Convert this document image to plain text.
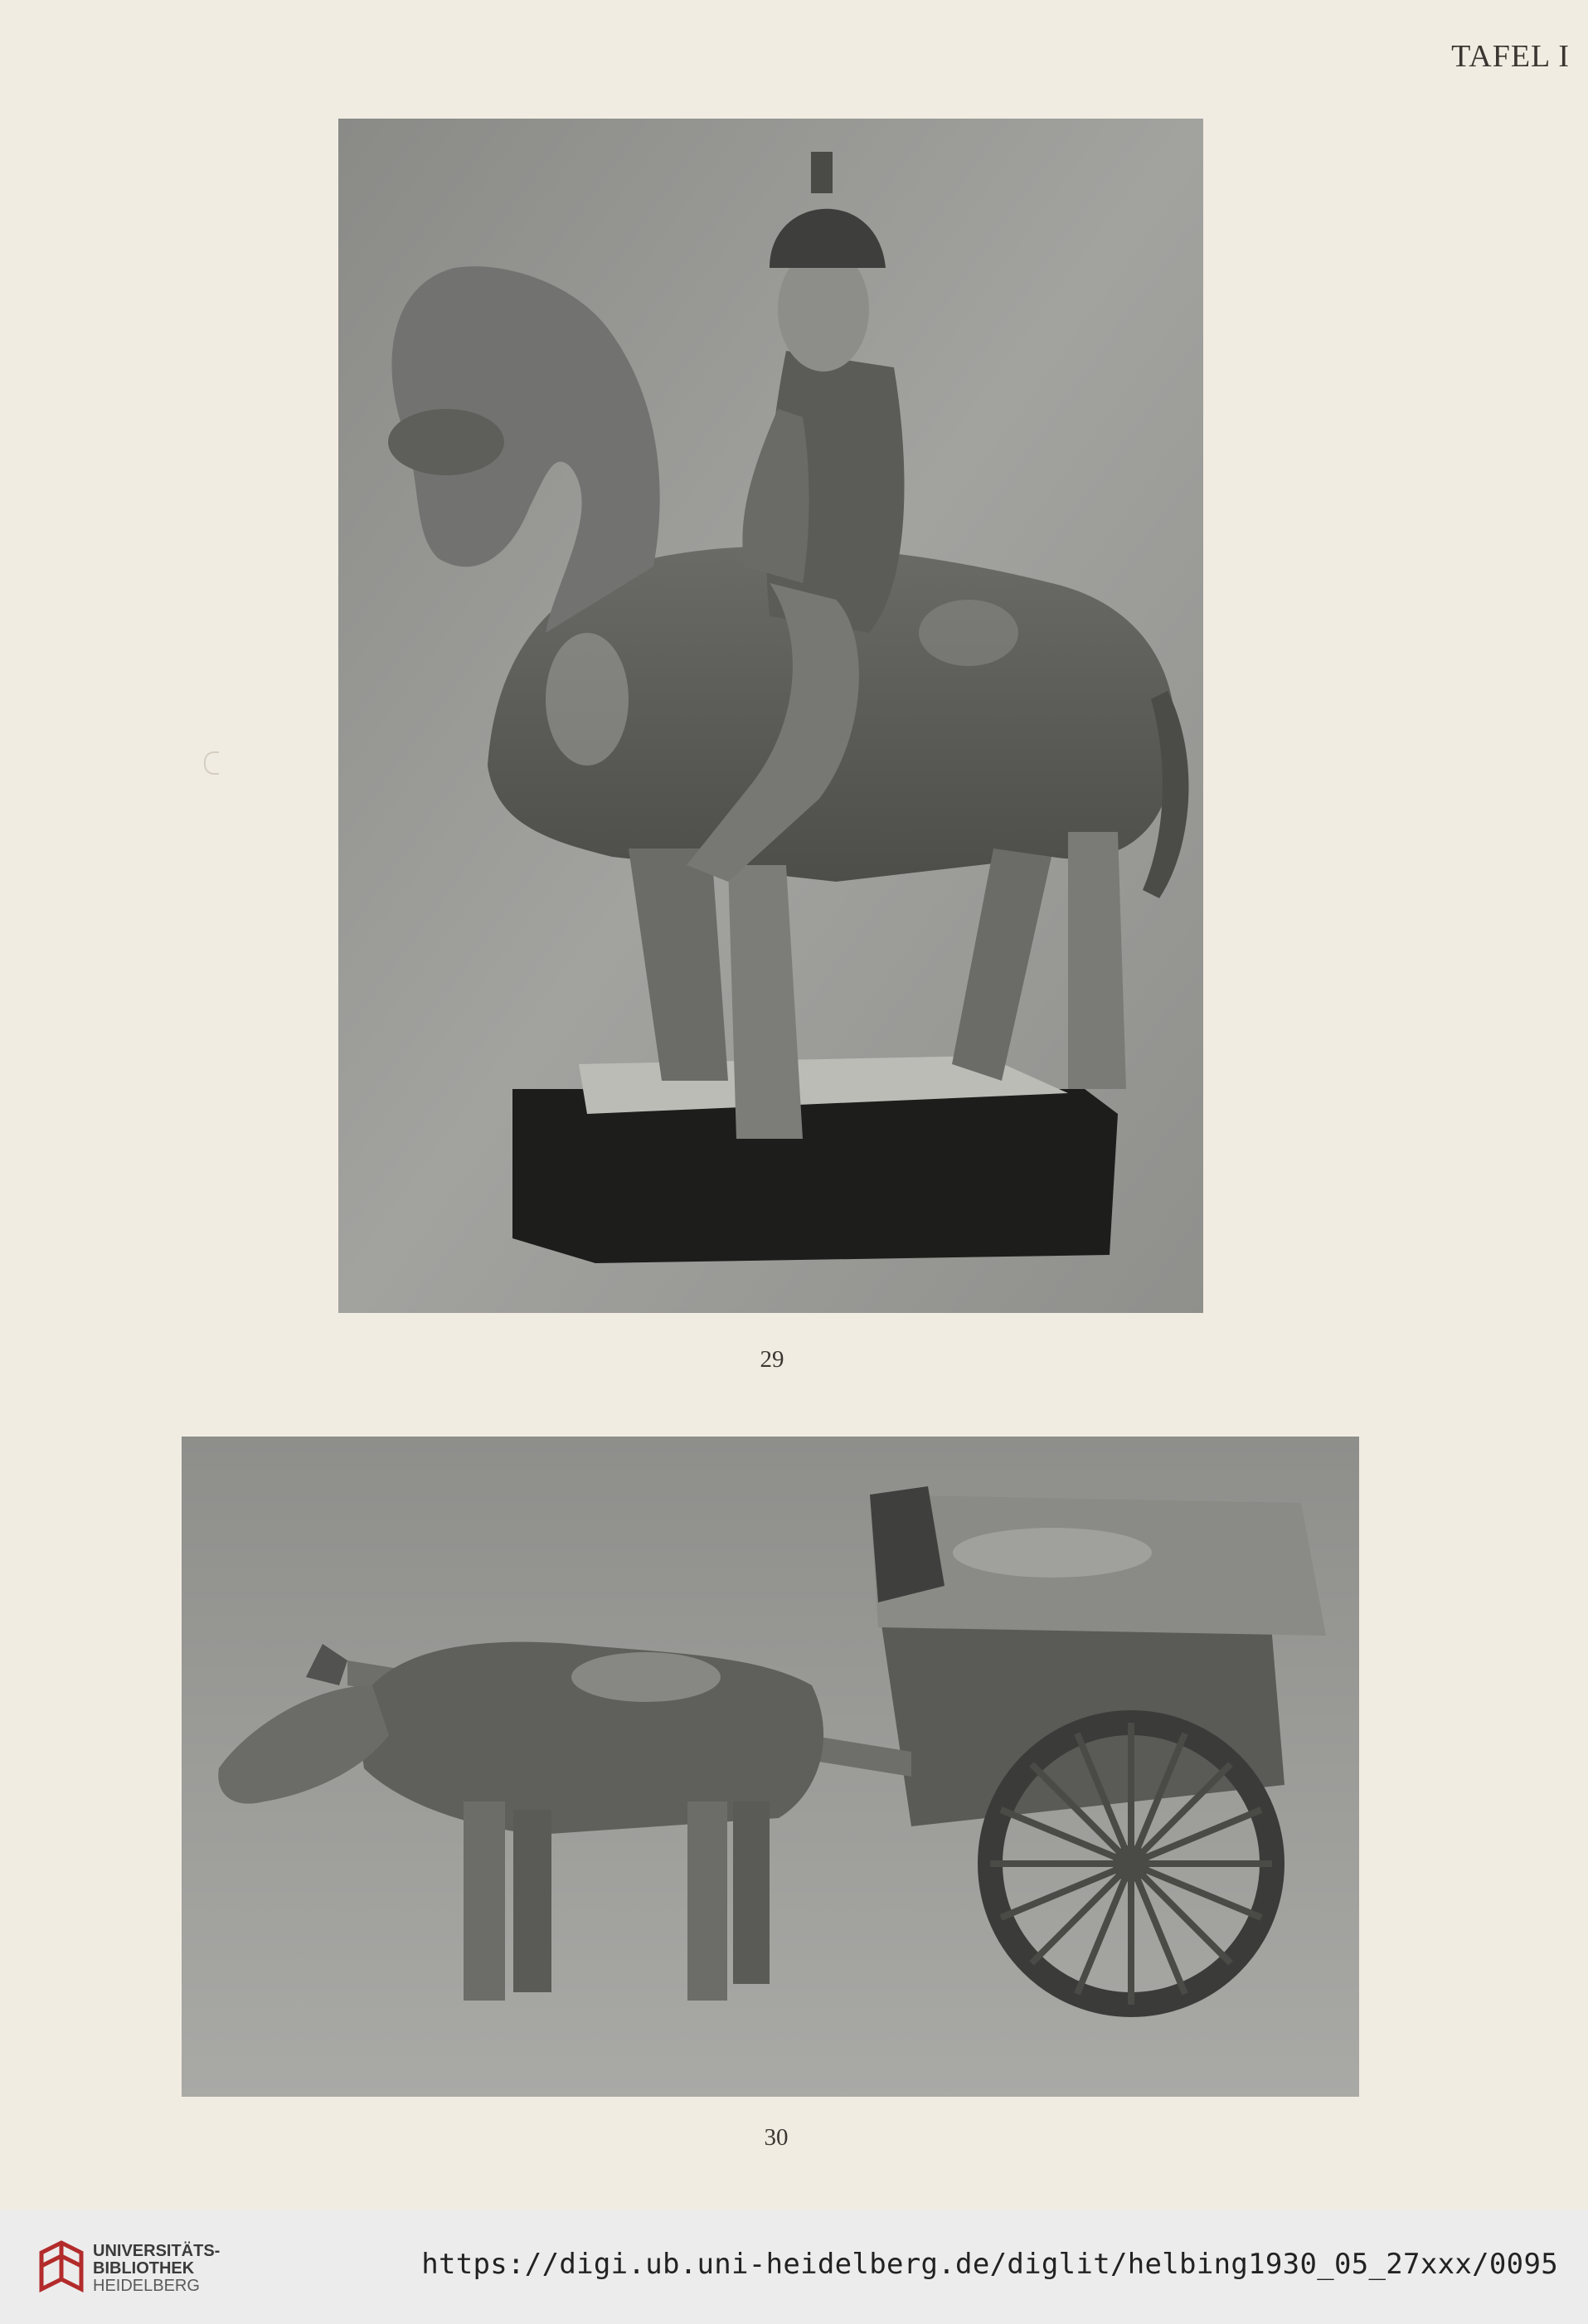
TAFEL I
29
30
UNIVERSITÄTS-
BIBLIOTHEK
HEIDELBERG
https://digi.ub.uni-heidelberg.de/diglit/helbing1930_05_27xxx/0095
